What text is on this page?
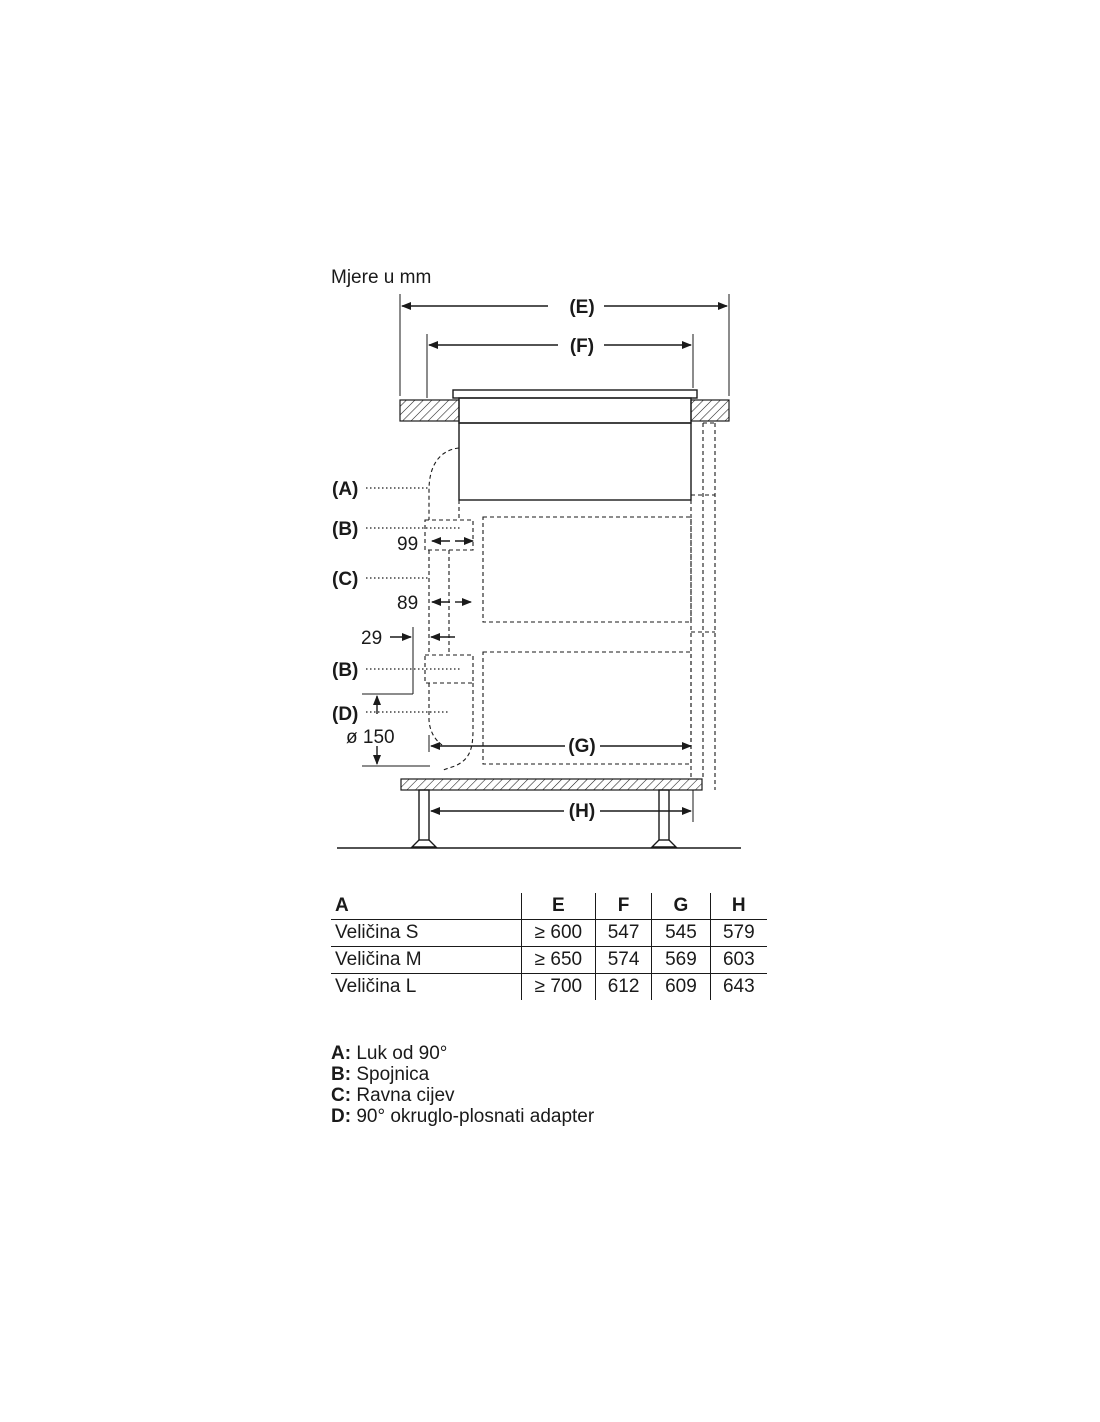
Mjere u mm
(E)
(F)
(A)
(B)
(C)
(B)
(D)
99
89
29
ø 150	(G)
(H)
A	E	F	G	H
Veličina S	≥ 600	547	545	579
Veličina M	≥ 650	574	569	603
Veličina L	≥ 700	612	609	643
A: Luk od 90°
B: Spojnica
C: Ravna cijev
D: 90° okruglo-plosnati adapter
